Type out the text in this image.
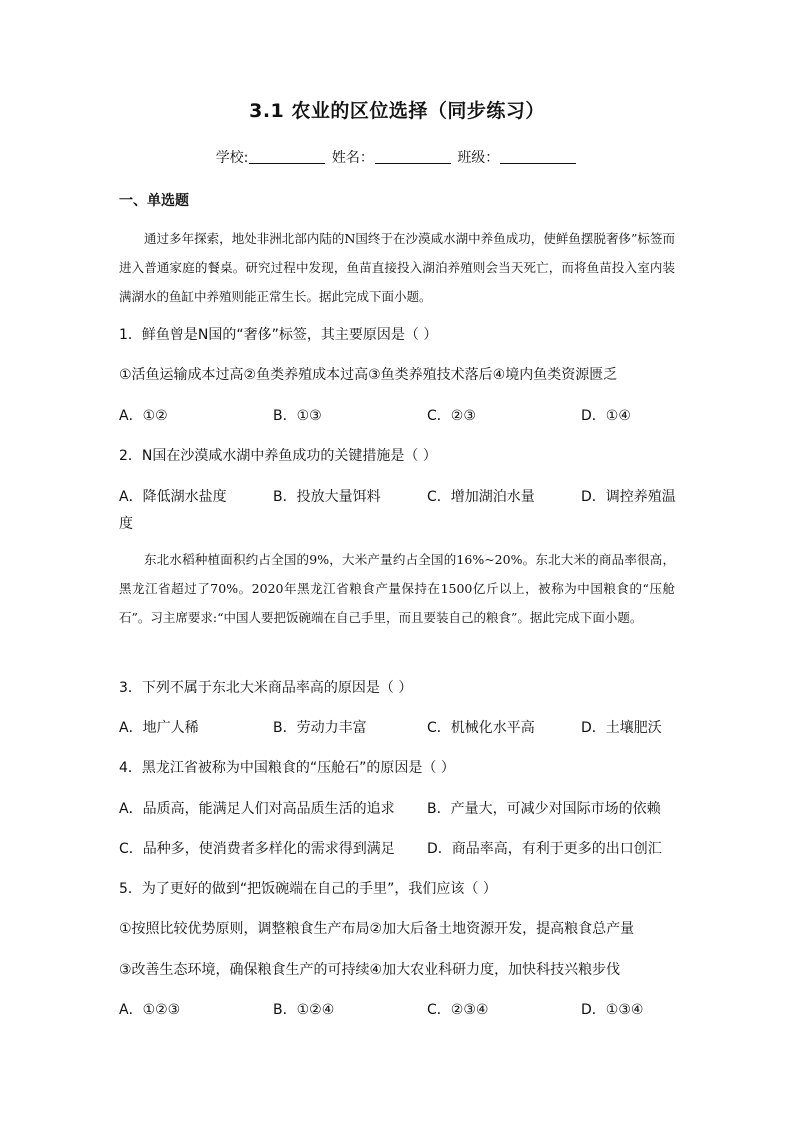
3.1 农业的区位选择（同步练习）
学校:	姓名：	班级：
一、单选题
通过多年探索，地处非洲北部内陆的N国终于在沙漠咸水湖中养鱼成功，使鲜鱼摆脱奢侈”标签而进入普通家庭的餐桌。研究过程中发现，鱼苗直接投入湖泊养殖则会当天死亡，而将鱼苗投入室内装满湖水的鱼缸中养殖则能正常生长。据此完成下面小题。
1．鲜鱼曾是N国的“奢侈”标签，其主要原因是（ ）
①活鱼运输成本过高②鱼类养殖成本过高③鱼类养殖技术落后④境内鱼类资源匮乏
A．①②	B．①③	C．②③	D．①④
2．N国在沙漠咸水湖中养鱼成功的关键措施是（ ）
A．降低湖水盐度	B．投放大量饵料	C．增加湖泊水量	D．调控养殖温
度
东北水稻种植面积约占全国的9%，大米产量约占全国的16%~20%。东北大米的商品率很高，黑龙江省超过了70%。2020年黑龙江省粮食产量保持在1500亿斤以上，被称为中国粮食的“压舱石”。习主席要求:“中国人要把饭碗端在自己手里，而且要装自己的粮食”。据此完成下面小题。
3．下列不属于东北大米商品率高的原因是（ ）
A．地广人稀	B．劳动力丰富	C．机械化水平高	D．土壤肥沃
4．黑龙江省被称为中国粮食的“压舱石”的原因是（ ）
A．品质高，能满足人们对高品质生活的追求 B．产量大，可减少对国际市场的依赖
C．品种多，使消费者多样化的需求得到满足 D．商品率高，有利于更多的出口创汇
5．为了更好的做到“把饭碗端在自己的手里”，我们应该（ ）
①按照比较优势原则，调整粮食生产布局②加大后备土地资源开发，提高粮食总产量
③改善生态环境，确保粮食生产的可持续④加大农业科研力度，加快科技兴粮步伐
A．①②③	B．①②④	C．②③④	D．①③④
